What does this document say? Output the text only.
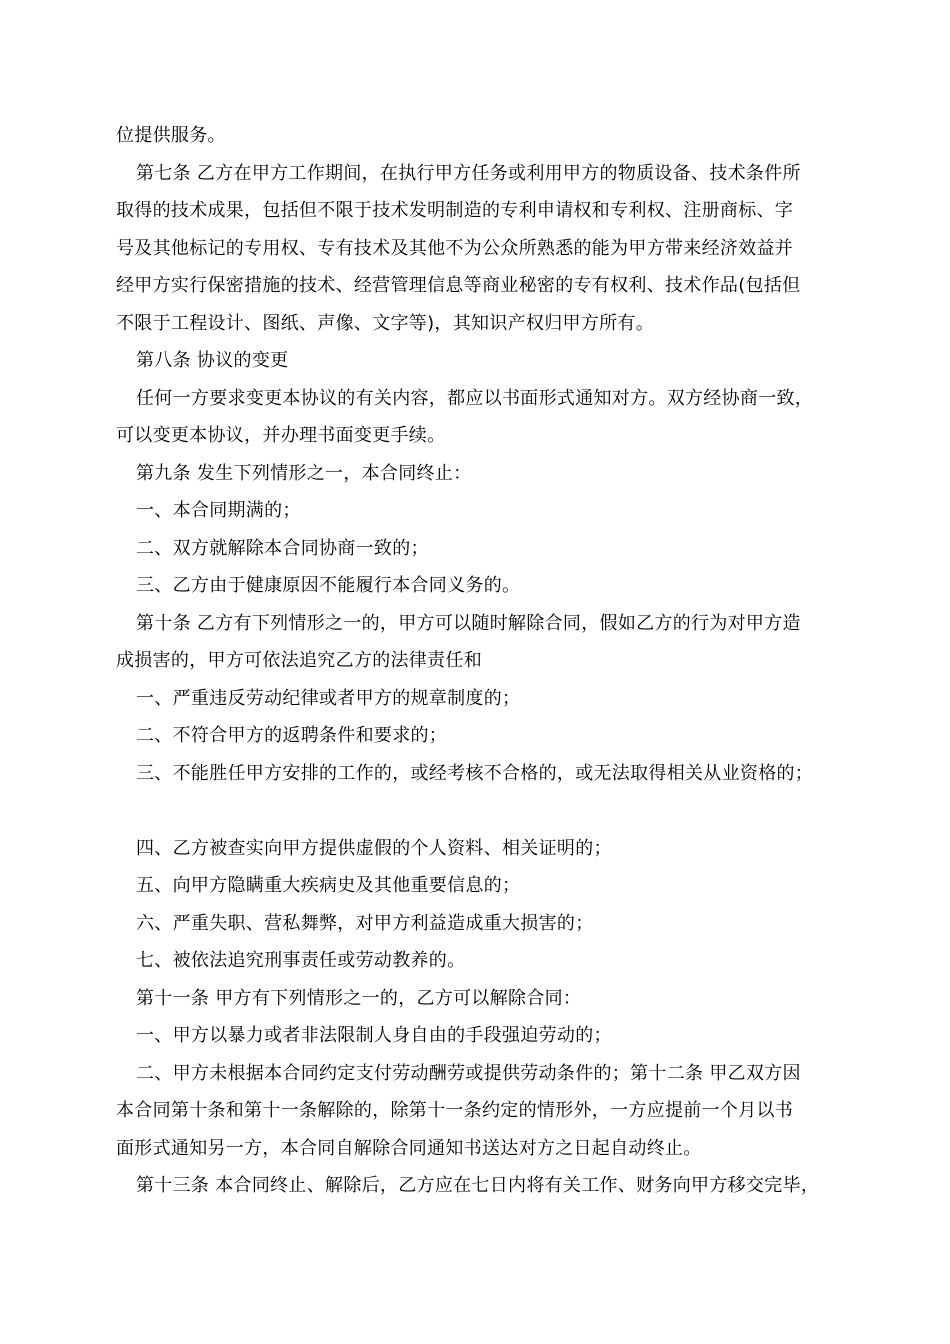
位提供服务。
第七条 乙方在甲方工作期间，在执行甲方任务或利用甲方的物质设备、技术条件所
取得的技术成果，包括但不限于技术发明制造的专利申请权和专利权、注册商标、字
号及其他标记的专用权、专有技术及其他不为公众所熟悉的能为甲方带来经济效益并
经甲方实行保密措施的技术、经营管理信息等商业秘密的专有权利、技术作品(包括但
不限于工程设计、图纸、声像、文字等)，其知识产权归甲方所有。
第八条 协议的变更
任何一方要求变更本协议的有关内容，都应以书面形式通知对方。双方经协商一致，
可以变更本协议，并办理书面变更手续。
第九条 发生下列情形之一，本合同终止：
一、本合同期满的；
二、双方就解除本合同协商一致的；
三、乙方由于健康原因不能履行本合同义务的。
第十条 乙方有下列情形之一的，甲方可以随时解除合同，假如乙方的行为对甲方造
成损害的，甲方可依法追究乙方的法律责任和
一、严重违反劳动纪律或者甲方的规章制度的；
二、不符合甲方的返聘条件和要求的；
三、不能胜任甲方安排的工作的，或经考核不合格的，或无法取得相关从业资格的；
四、乙方被查实向甲方提供虚假的个人资料、相关证明的；
五、向甲方隐瞒重大疾病史及其他重要信息的；
六、严重失职、营私舞弊，对甲方利益造成重大损害的；
七、被依法追究刑事责任或劳动教养的。
第十一条 甲方有下列情形之一的，乙方可以解除合同：
一、甲方以暴力或者非法限制人身自由的手段强迫劳动的；
二、甲方未根据本合同约定支付劳动酬劳或提供劳动条件的；第十二条 甲乙双方因
本合同第十条和第十一条解除的，除第十一条约定的情形外，一方应提前一个月以书
面形式通知另一方，本合同自解除合同通知书送达对方之日起自动终止。
第十三条 本合同终止、解除后，乙方应在七日内将有关工作、财务向甲方移交完毕，
